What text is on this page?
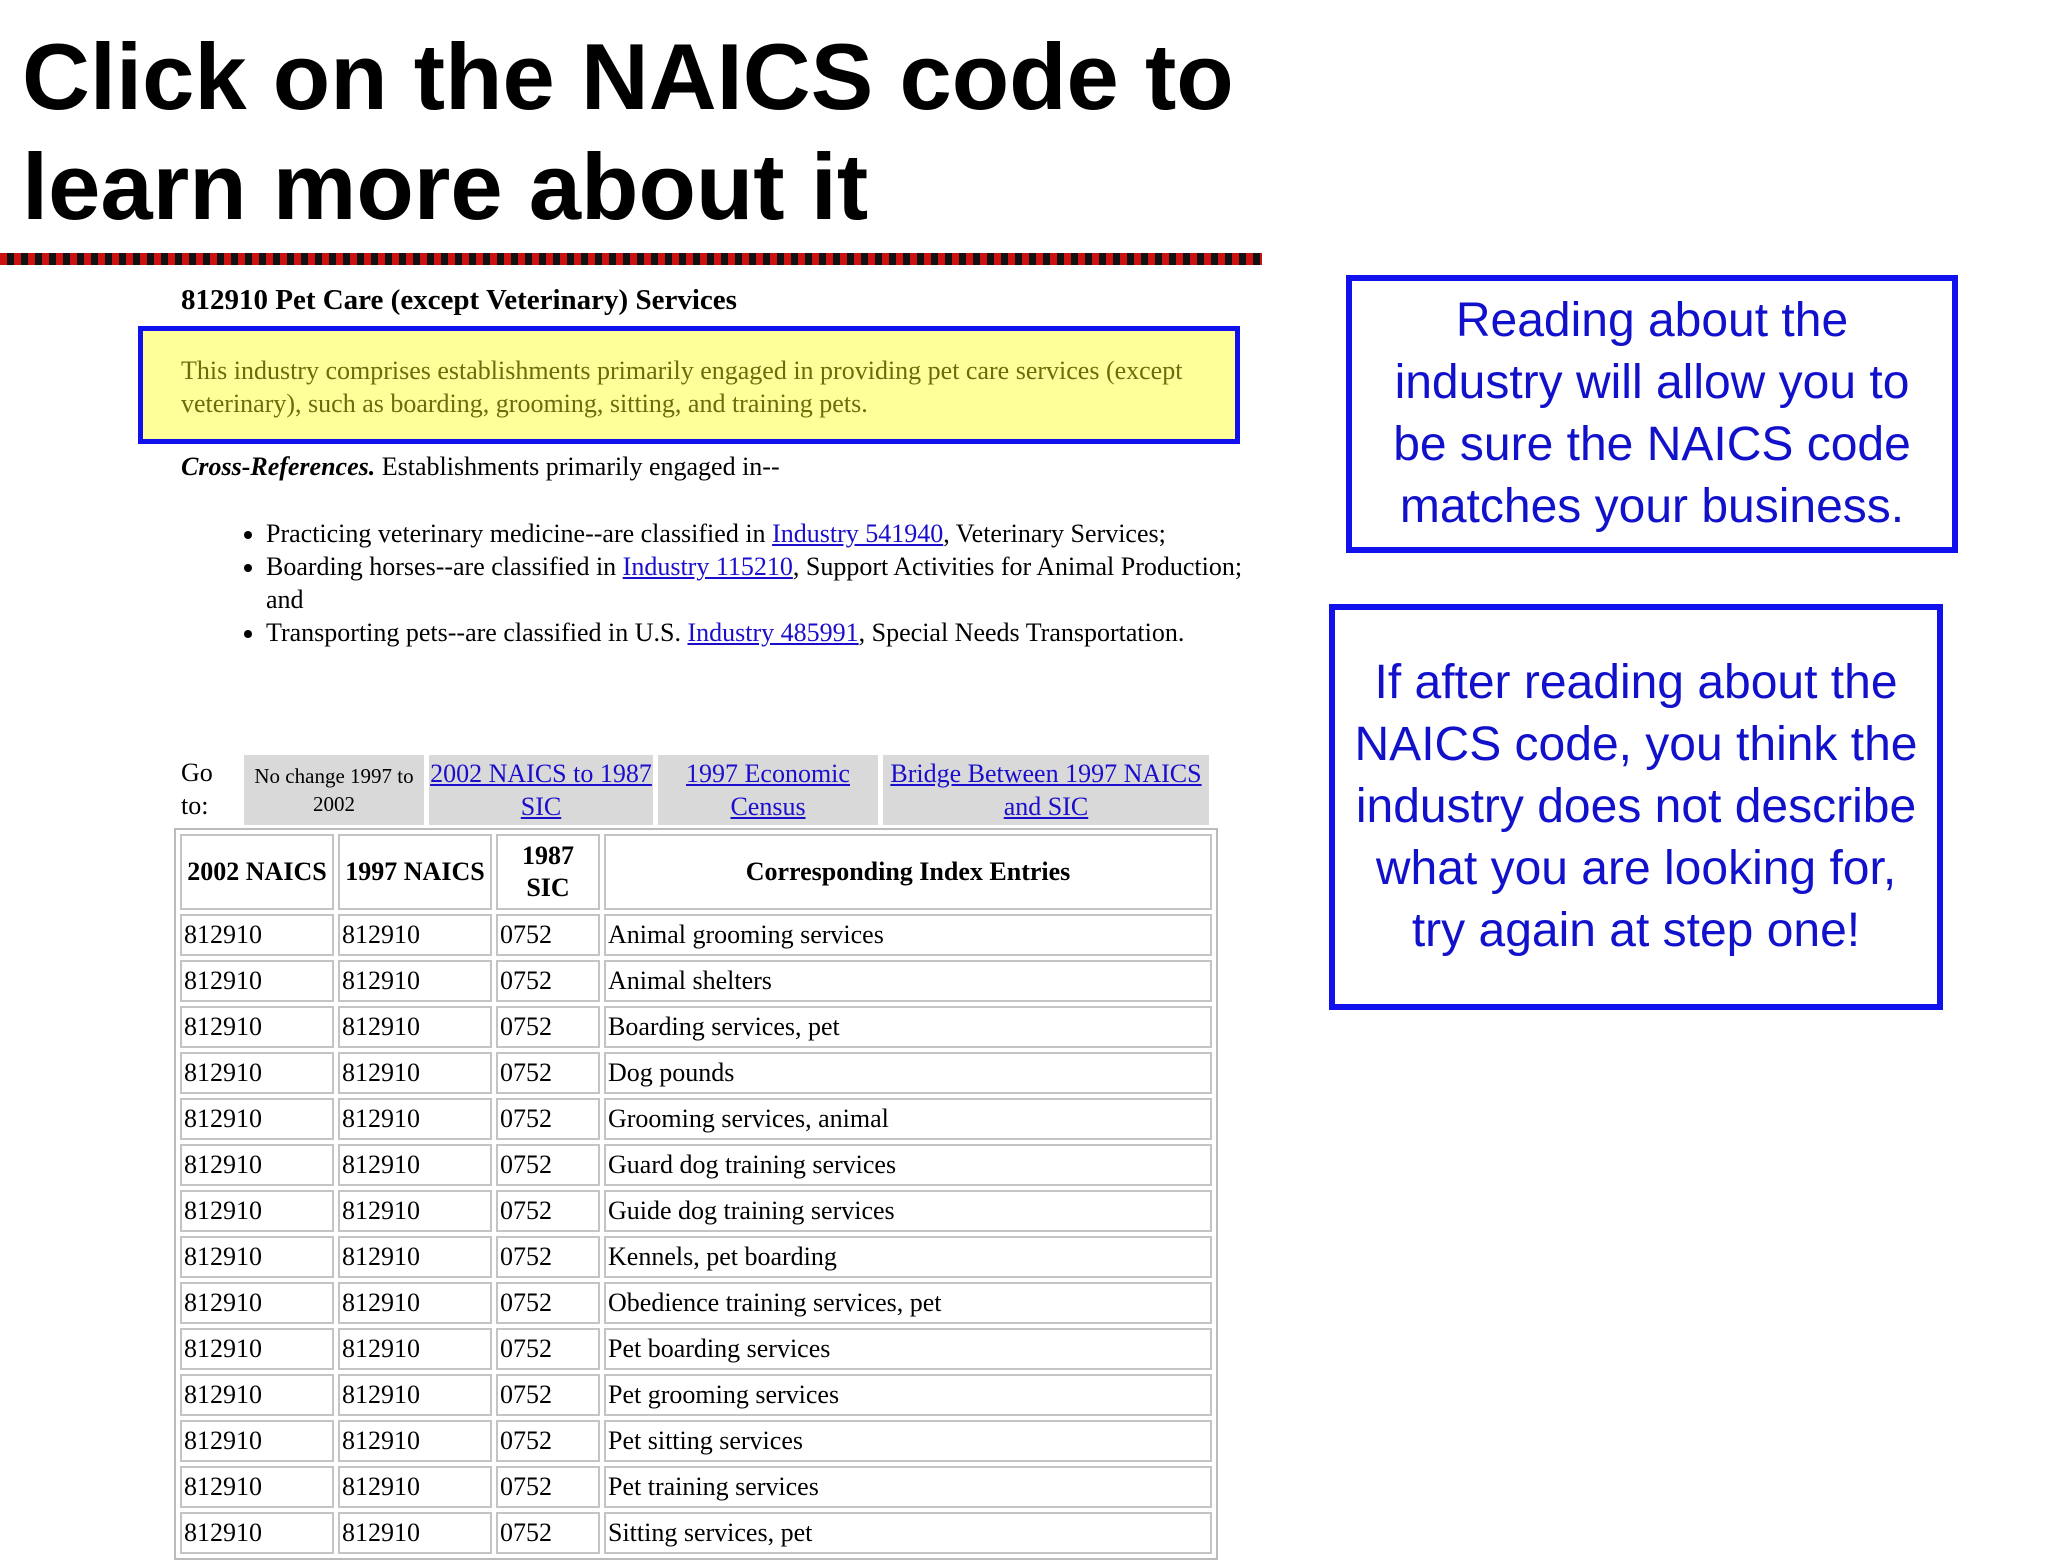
Click on the NAICS code to
learn more about it
812910 Pet Care (except Veterinary) Services
This industry comprises establishments primarily engaged in providing pet care services (except veterinary), such as boarding, grooming, sitting, and training pets.
Cross-References. Establishments primarily engaged in--
• Practicing veterinary medicine--are classified in Industry 541940, Veterinary Services;
• Boarding horses--are classified in Industry 115210, Support Activities for Animal Production; and
• Transporting pets--are classified in U.S. Industry 485991, Special Needs Transportation.
Go to:
No change 1997 to 2002
2002 NAICS to 1987 SIC
1997 Economic Census
Bridge Between 1997 NAICS and SIC
2002 NAICS	1997 NAICS	1987 SIC	Corresponding Index Entries
812910	812910	0752	Animal grooming services
812910	812910	0752	Animal shelters
812910	812910	0752	Boarding services, pet
812910	812910	0752	Dog pounds
812910	812910	0752	Grooming services, animal
812910	812910	0752	Guard dog training services
812910	812910	0752	Guide dog training services
812910	812910	0752	Kennels, pet boarding
812910	812910	0752	Obedience training services, pet
812910	812910	0752	Pet boarding services
812910	812910	0752	Pet grooming services
812910	812910	0752	Pet sitting services
812910	812910	0752	Pet training services
812910	812910	0752	Sitting services, pet
Reading about the industry will allow you to be sure the NAICS code matches your business.
If after reading about the NAICS code, you think the industry does not describe what you are looking for, try again at step one!
